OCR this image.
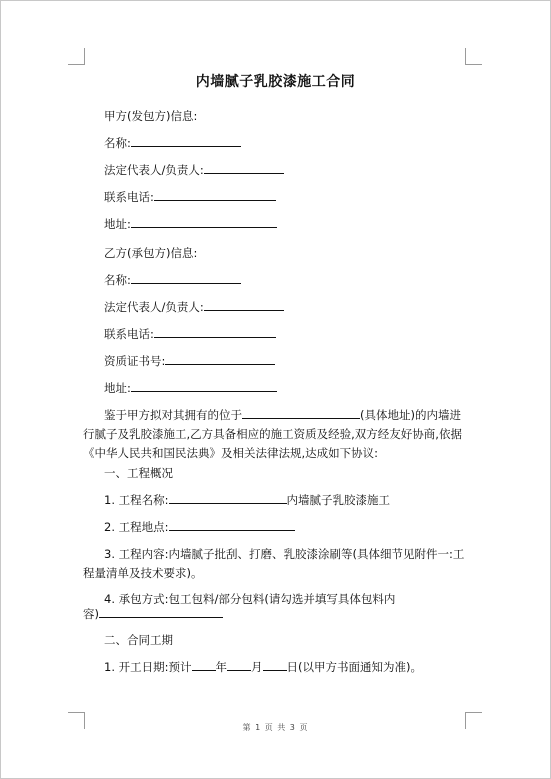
内墙腻子乳胶漆施工合同
甲方(发包方)信息:
名称:
法定代表人/负责人:
联系电话:
地址:
乙方(承包方)信息:
名称:
法定代表人/负责人:
联系电话:
资质证书号:
地址:
鉴于甲方拟对其拥有的位于	(具体地址)的内墙进
行腻子及乳胶漆施工,乙方具备相应的施工资质及经验,双方经友好协商,依据
《中华人民共和国民法典》及相关法律法规,达成如下协议:
一、工程概况
1. 工程名称:	内墙腻子乳胶漆施工
2. 工程地点:
3. 工程内容:内墙腻子批刮、打磨、乳胶漆涂刷等(具体细节见附件一:工
程量清单及技术要求)。
4. 承包方式:包工包料/部分包料(请勾选并填写具体包料内
容)
二、合同工期
1. 开工日期:预计 年 月 日(以甲方书面通知为准)。
第 1 页 共 3 页
